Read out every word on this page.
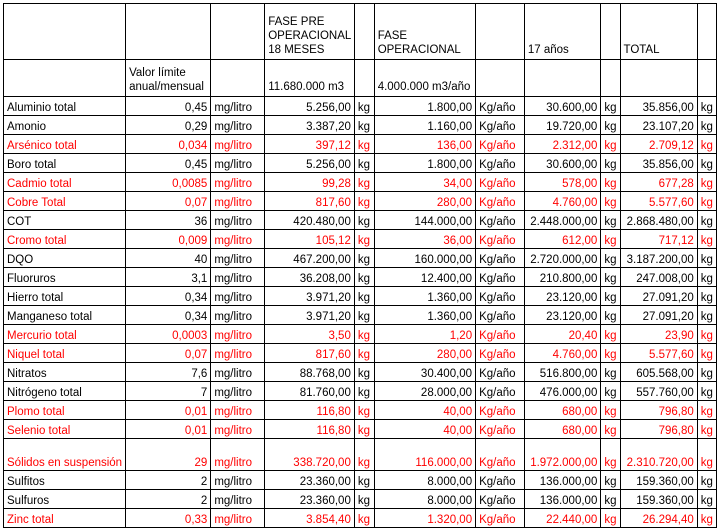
			FASE PRE OPERACIONAL 18 MESES		FASE OPERACIONAL		17 años		TOTAL	
	Valor límite anual/mensual		11.680.000 m3		4.000.000 m3/año					
Aluminio total	0,45	mg/litro	5.256,00	kg	1.800,00	Kg/año	30.600,00	kg	35.856,00	kg
Amonio	0,29	mg/litro	3.387,20	kg	1.160,00	Kg/año	19.720,00	kg	23.107,20	kg
Arsénico total	0,034	mg/litro	397,12	kg	136,00	Kg/año	2.312,00	kg	2.709,12	kg
Boro total	0,45	mg/litro	5.256,00	kg	1.800,00	Kg/año	30.600,00	kg	35.856,00	kg
Cadmio total	0,0085	mg/litro	99,28	kg	34,00	Kg/año	578,00	kg	677,28	kg
Cobre Total	0,07	mg/litro	817,60	kg	280,00	Kg/año	4.760,00	kg	5.577,60	kg
COT	36	mg/litro	420.480,00	kg	144.000,00	Kg/año	2.448.000,00	kg	2.868.480,00	kg
Cromo total	0,009	mg/litro	105,12	kg	36,00	Kg/año	612,00	kg	717,12	kg
DQO	40	mg/litro	467.200,00	kg	160.000,00	Kg/año	2.720.000,00	kg	3.187.200,00	kg
Fluoruros	3,1	mg/litro	36.208,00	kg	12.400,00	Kg/año	210.800,00	kg	247.008,00	kg
Hierro total	0,34	mg/litro	3.971,20	kg	1.360,00	Kg/año	23.120,00	kg	27.091,20	kg
Manganeso total	0,34	mg/litro	3.971,20	kg	1.360,00	Kg/año	23.120,00	kg	27.091,20	kg
Mercurio total	0,0003	mg/litro	3,50	kg	1,20	Kg/año	20,40	kg	23,90	kg
Niquel total	0,07	mg/litro	817,60	kg	280,00	Kg/año	4.760,00	kg	5.577,60	kg
Nitratos	7,6	mg/litro	88.768,00	kg	30.400,00	Kg/año	516.800,00	kg	605.568,00	kg
Nitrógeno total	7	mg/litro	81.760,00	kg	28.000,00	Kg/año	476.000,00	kg	557.760,00	kg
Plomo total	0,01	mg/litro	116,80	kg	40,00	Kg/año	680,00	kg	796,80	kg
Selenio total	0,01	mg/litro	116,80	kg	40,00	Kg/año	680,00	kg	796,80	kg
Sólidos en suspensión	29	mg/litro	338.720,00	kg	116.000,00	Kg/año	1.972.000,00	kg	2.310.720,00	kg
Sulfitos	2	mg/litro	23.360,00	kg	8.000,00	Kg/año	136.000,00	kg	159.360,00	kg
Sulfuros	2	mg/litro	23.360,00	kg	8.000,00	Kg/año	136.000,00	kg	159.360,00	kg
Zinc total	0,33	mg/litro	3.854,40	kg	1.320,00	Kg/año	22.440,00	kg	26.294,40	kg
